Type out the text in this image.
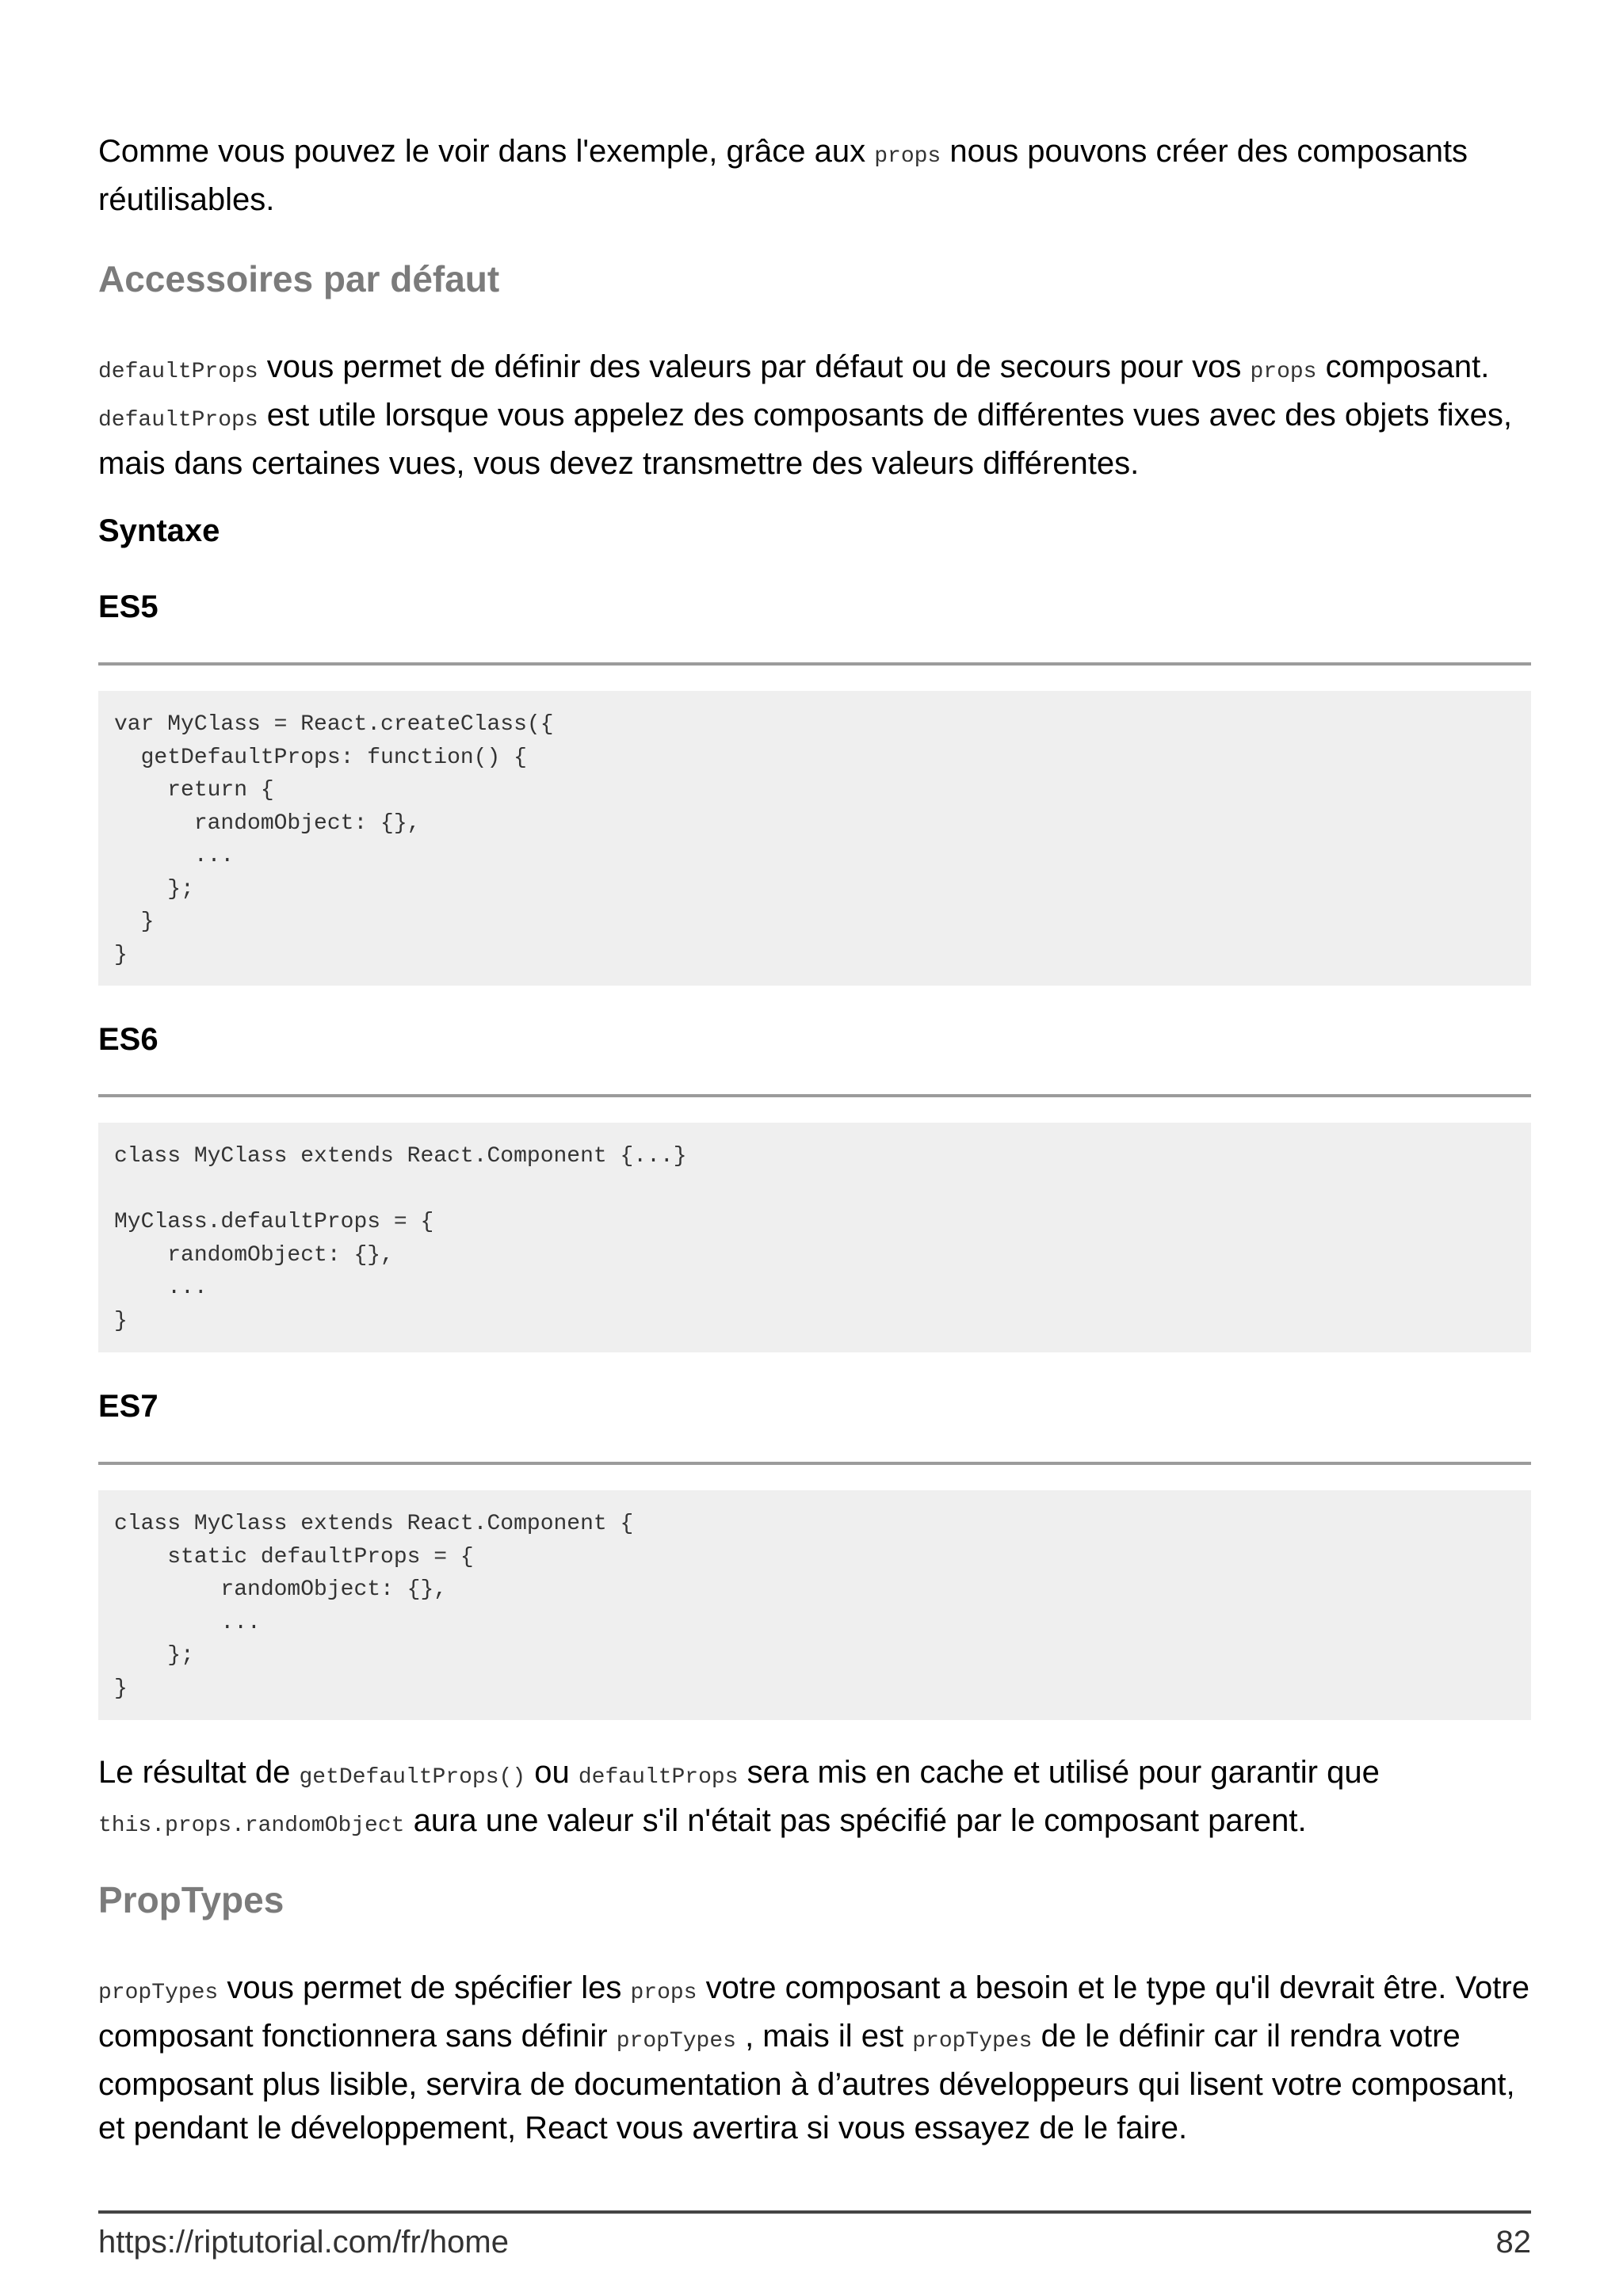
Comme vous pouvez le voir dans l'exemple, grâce aux props nous pouvons créer des composants réutilisables.

Accessoires par défaut

defaultProps vous permet de définir des valeurs par défaut ou de secours pour vos props composant. defaultProps est utile lorsque vous appelez des composants de différentes vues avec des objets fixes, mais dans certaines vues, vous devez transmettre des valeurs différentes.

Syntaxe
ES5
var MyClass = React.createClass({
getDefaultProps: function() {
return {
randomObject: {},
...
};
}
}
ES6
class MyClass extends React.Component {...}

MyClass.defaultProps = {
randomObject: {},
...
}
ES7
class MyClass extends React.Component {
static defaultProps = {
randomObject: {},
...
};
}

Le résultat de getDefaultProps() ou defaultProps sera mis en cache et utilisé pour garantir que this.props.randomObject aura une valeur s'il n'était pas spécifié par le composant parent.

PropTypes

propTypes vous permet de spécifier les props votre composant a besoin et le type qu'il devrait être. Votre composant fonctionnera sans définir propTypes , mais il est propTypes de le définir car il rendra votre composant plus lisible, servira de documentation à d’autres développeurs qui lisent votre composant, et pendant le développement, React vous avertira si vous essayez de le faire.

https://riptutorial.com/fr/home	82
